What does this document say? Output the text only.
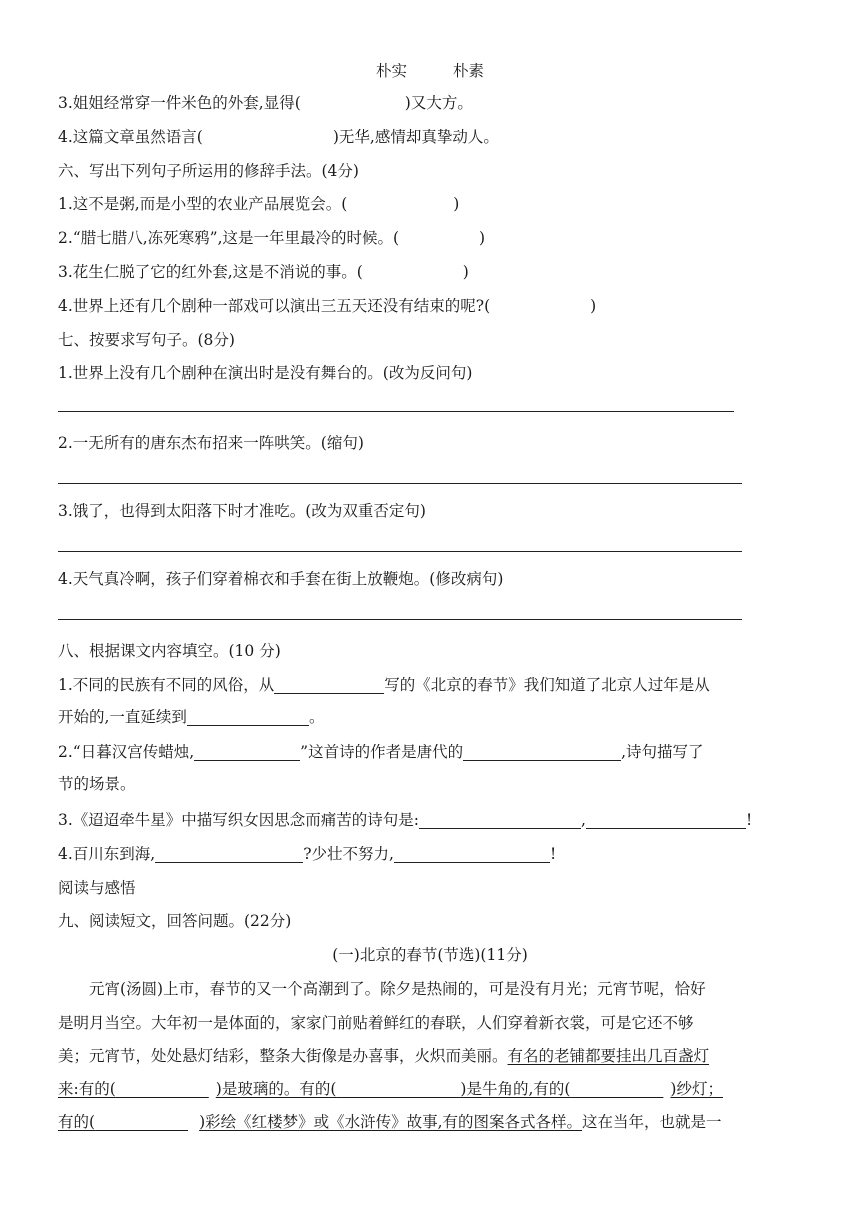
朴实	朴素
3.姐姐经常穿一件米色的外套,显得(	)又大方。
4.这篇文章虽然语言(	)无华,感情却真挚动人。
六、写出下列句子所运用的修辞手法。(4分)
1.这不是粥,而是小型的农业产品展览会。(	)
2.“腊七腊八,冻死寒鸦”,这是一年里最冷的时候。(	)
3.花生仁脱了它的红外套,这是不消说的事。(	)
4.世界上还有几个剧种一部戏可以演出三五天还没有结束的呢?(	)
七、按要求写句子。(8分)
1.世界上没有几个剧种在演出时是没有舞台的。(改为反问句)
2.一无所有的唐东杰布招来一阵哄笑。(缩句)
3.饿了，也得到太阳落下时才准吃。(改为双重否定句)
4.天气真冷啊，孩子们穿着棉衣和手套在街上放鞭炮。(修改病句)
八、根据课文内容填空。(10 分)
1.不同的民族有不同的风俗，从	写的《北京的春节》我们知道了北京人过年是从
开始的,一直延续到	。
2.“日暮汉宫传蜡烛,	”这首诗的作者是唐代的	,诗句描写了
节的场景。
3.《迢迢牵牛星》中描写织女因思念而痛苦的诗句是:	,	!
4.百川东到海,	?少壮不努力,	!
阅读与感悟
九、阅读短文，回答问题。(22分)
(一)北京的春节(节选)(11分)
元宵(汤圆)上市，春节的又一个高潮到了。除夕是热闹的，可是没有月光；元宵节呢，恰好
是明月当空。大年初一是体面的，家家门前贴着鲜红的春联，人们穿着新衣裳，可是它还不够
美；元宵节，处处悬灯结彩，整条大街像是办喜事，火炽而美丽。有名的老铺都要挂出几百盏灯
来:有的(      	)是玻璃的。有的(        	)是牛角的,有的(      	)纱灯；
有的(      	)彩绘《红楼梦》或《水浒传》故事,有的图案各式各样。这在当年，也就是一
